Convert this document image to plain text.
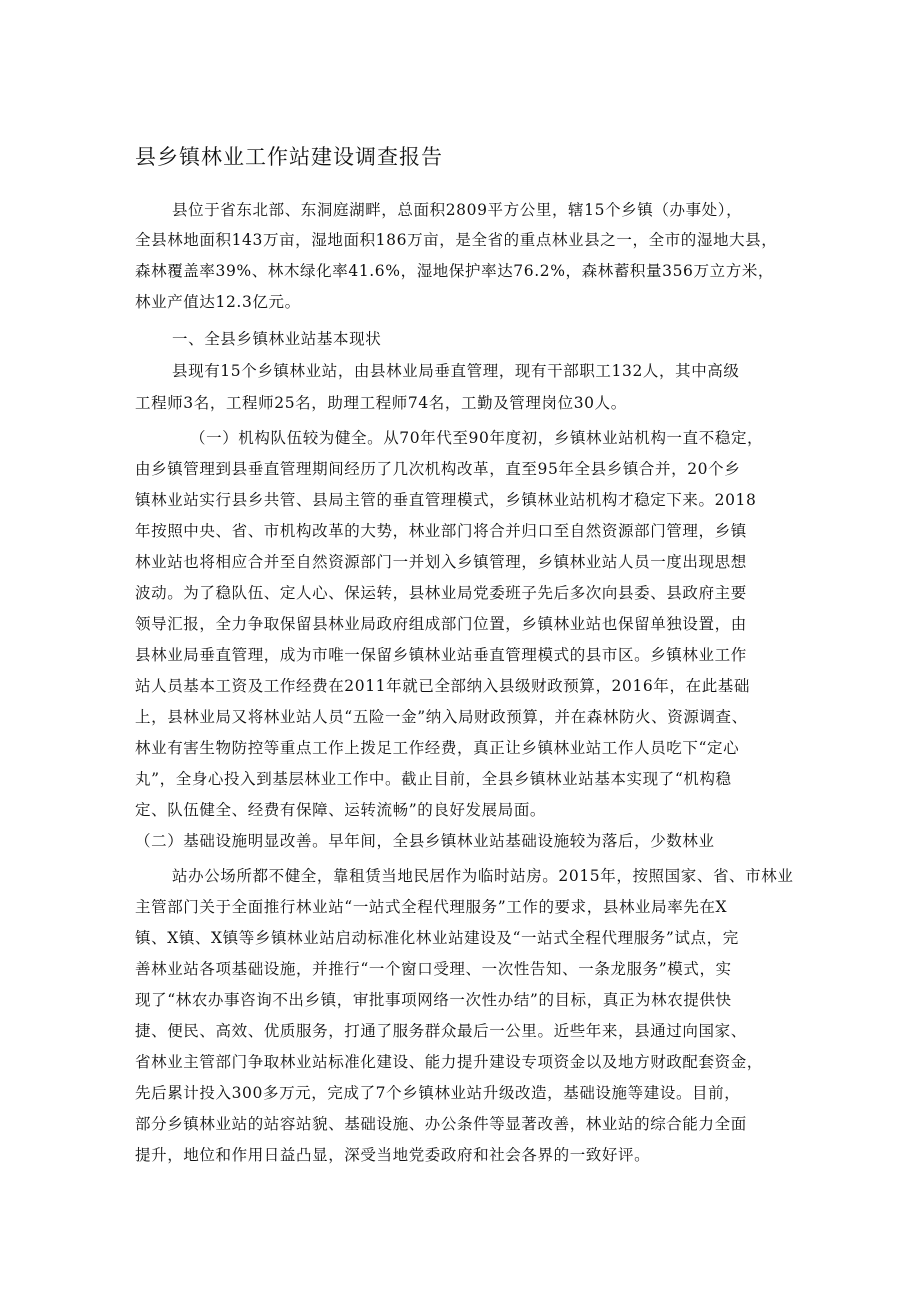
县乡镇林业工作站建设调查报告

县位于省东北部、东洞庭湖畔，总面积2809平方公里，辖15个乡镇（办事处），

全县林地面积143万亩，湿地面积186万亩，是全省的重点林业县之一，全市的湿地大县，

森林覆盖率39%、林木绿化率41.6%，湿地保护率达76.2%，森林蓄积量356万立方米，

林业产值达12.3亿元。

一、全县乡镇林业站基本现状

县现有15个乡镇林业站，由县林业局垂直管理，现有干部职工132人，其中高级

工程师3名，工程师25名，助理工程师74名，工勤及管理岗位30人。

（一）机构队伍较为健全。从70年代至90年度初，乡镇林业站机构一直不稳定，

由乡镇管理到县垂直管理期间经历了几次机构改革，直至95年全县乡镇合并，20个乡

镇林业站实行县乡共管、县局主管的垂直管理模式，乡镇林业站机构才稳定下来。2018

年按照中央、省、市机构改革的大势，林业部门将合并归口至自然资源部门管理，乡镇

林业站也将相应合并至自然资源部门一并划入乡镇管理，乡镇林业站人员一度出现思想

波动。为了稳队伍、定人心、保运转，县林业局党委班子先后多次向县委、县政府主要

领导汇报，全力争取保留县林业局政府组成部门位置，乡镇林业站也保留单独设置，由

县林业局垂直管理，成为市唯一保留乡镇林业站垂直管理模式的县市区。乡镇林业工作

站人员基本工资及工作经费在2011年就已全部纳入县级财政预算，2016年，在此基础

上，县林业局又将林业站人员“五险一金”纳入局财政预算，并在森林防火、资源调查、

林业有害生物防控等重点工作上拨足工作经费，真正让乡镇林业站工作人员吃下“定心

丸”，全身心投入到基层林业工作中。截止目前，全县乡镇林业站基本实现了“机构稳

定、队伍健全、经费有保障、运转流畅”的良好发展局面。

（二）基础设施明显改善。早年间，全县乡镇林业站基础设施较为落后，少数林业

站办公场所都不健全，靠租赁当地民居作为临时站房。2015年，按照国家、省、市林业

主管部门关于全面推行林业站“一站式全程代理服务”工作的要求，县林业局率先在X

镇、X镇、X镇等乡镇林业站启动标准化林业站建设及“一站式全程代理服务”试点，完

善林业站各项基础设施，并推行“一个窗口受理、一次性告知、一条龙服务”模式，实

现了“林农办事咨询不出乡镇，审批事项网络一次性办结”的目标，真正为林农提供快

捷、便民、高效、优质服务，打通了服务群众最后一公里。近些年来，县通过向国家、

省林业主管部门争取林业站标准化建设、能力提升建设专项资金以及地方财政配套资金，

先后累计投入300多万元，完成了7个乡镇林业站升级改造，基础设施等建设。目前，

部分乡镇林业站的站容站貌、基础设施、办公条件等显著改善，林业站的综合能力全面

提升，地位和作用日益凸显，深受当地党委政府和社会各界的一致好评。
